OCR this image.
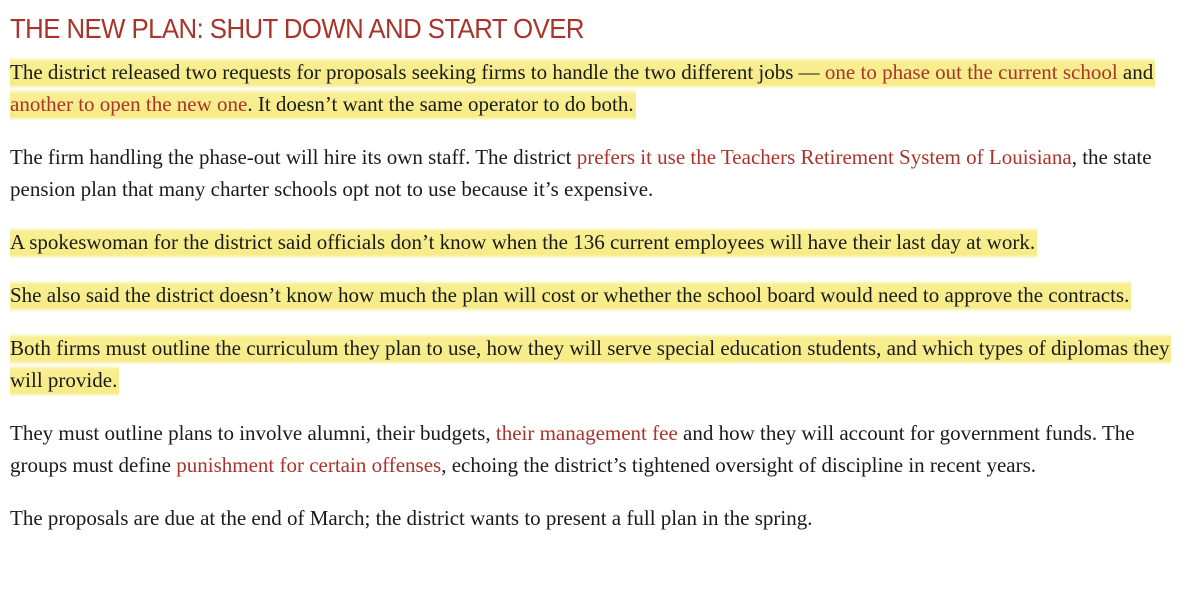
THE NEW PLAN: SHUT DOWN AND START OVER

The district released two requests for proposals seeking firms to handle the two different jobs — one to phase out the current school and another to open the new one. It doesn’t want the same operator to do both.

The firm handling the phase-out will hire its own staff. The district prefers it use the Teachers Retirement System of Louisiana, the state pension plan that many charter schools opt not to use because it’s expensive.

A spokeswoman for the district said officials don’t know when the 136 current employees will have their last day at work.

She also said the district doesn’t know how much the plan will cost or whether the school board would need to approve the contracts.

Both firms must outline the curriculum they plan to use, how they will serve special education students, and which types of diplomas they will provide.

They must outline plans to involve alumni, their budgets, their management fee and how they will account for government funds. The groups must define punishment for certain offenses, echoing the district’s tightened oversight of discipline in recent years.

The proposals are due at the end of March; the district wants to present a full plan in the spring.
